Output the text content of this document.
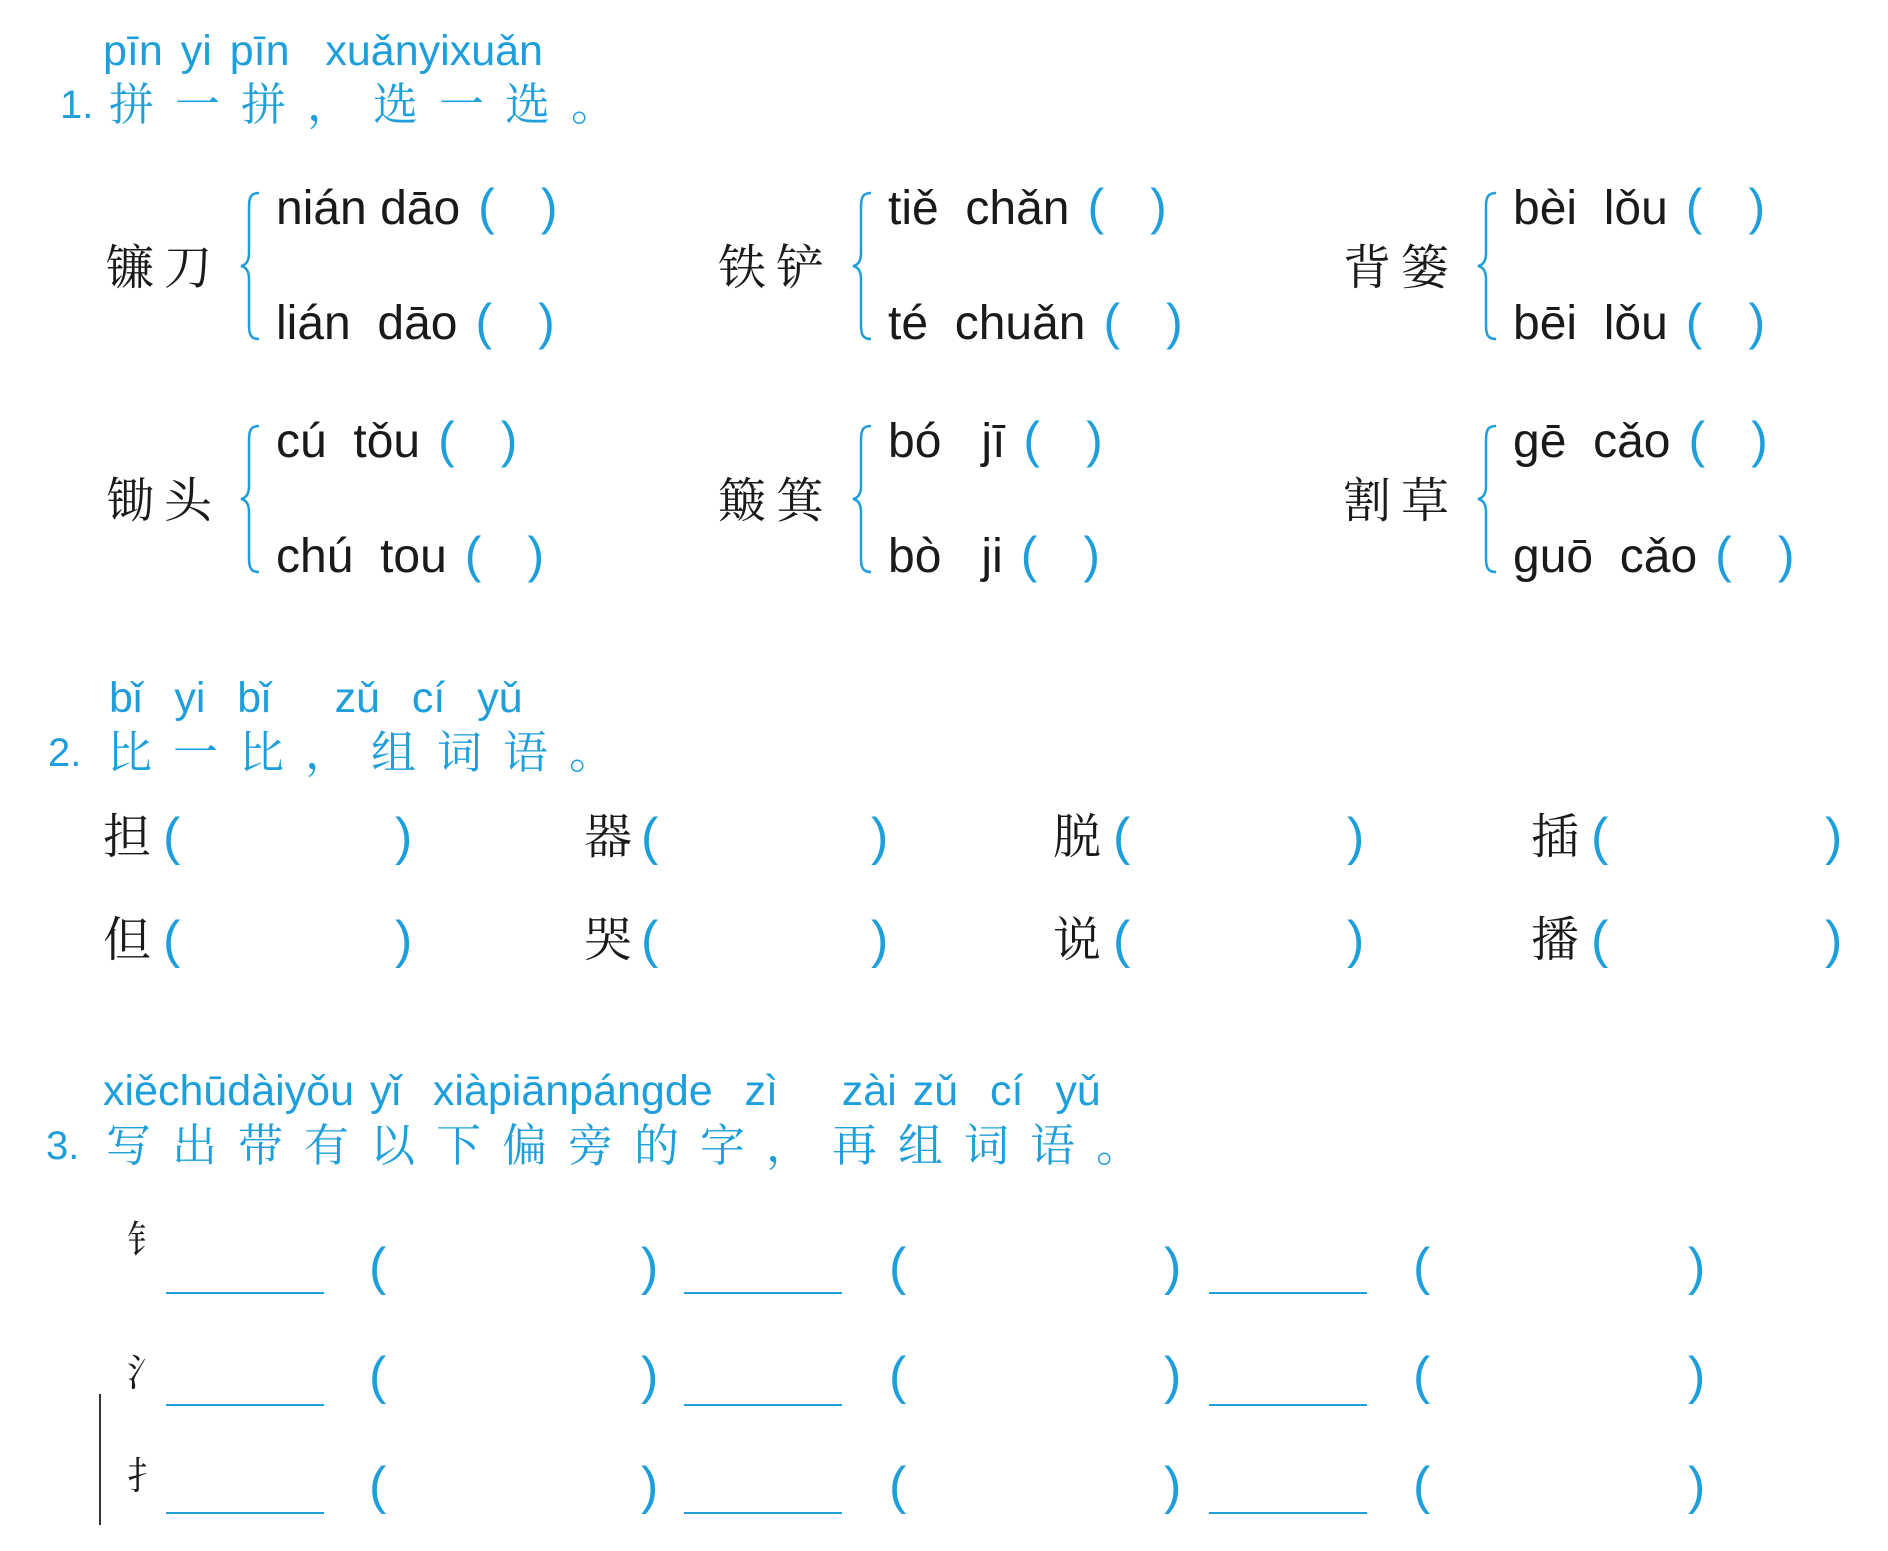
pīn yi pīn  xuǎnyixuǎn
1. 拼一拼，选一选。
镰刀
nián dāo ( )
lián  dāo ( )
铁铲
tiě  chǎn ( )
té  chuǎn ( )
背篓
bèi  lǒu ( )
bēi  lǒu ( )
锄头
cú  tǒu ( )
chú  tou ( )
簸箕
bó   jī ( )
bò   ji ( )
割草
gē  cǎo ( )
guō  cǎo ( )
bǐ  yi  bǐ    zǔ  cí  yǔ
2. 比一比，组词语。
担 (	)	器 (	)	脱 (	)	插 (	)
但 (	)	哭 (	)	说 (	)	播 (	)
xiěchūdàiyǒu yǐ  xiàpiānpángde  zì    zài zǔ  cí  yǔ
3. 写出带有以下偏旁的字，再组词语。
钅	(	)	(	)	(	)
氵	(	)	(	)	(	)
扌	(	)	(	)	(	)
